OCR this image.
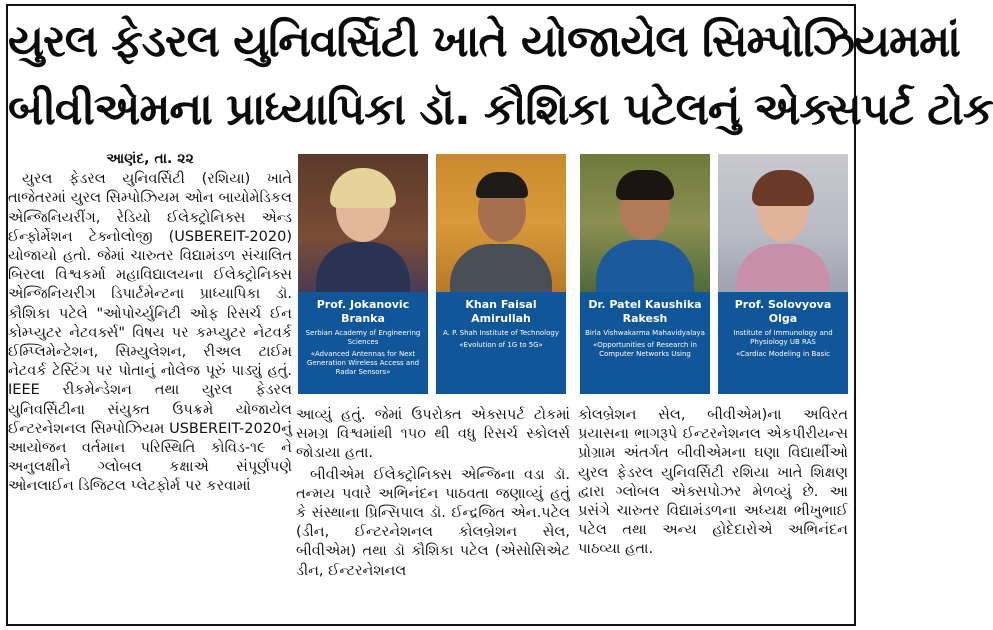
યુરલ ફેડરલ યુનિવર્સિટી ખાતે યોજાયેલ સિમ્પોઝિયમમાં
બીવીએમના પ્રાધ્યાપિકા ડૉ. કૌશિકા પટેલનું એક્સપર્ટ ટોક
આણંદ, તા. ૨૨

યુરલ ફેડરલ યુનિવર્સિટી (રશિયા) ખાતે તાજેતરમાં યુરલ સિમ્પોઝિયમ ઓન બાયોમેડિકલ એન્જિનિયરીંગ, રેડિયો ઈલેક્ટ્રોનિક્સ એન્ડ ઈન્ફોર્મેશન ટેક્નોલોજી (USBEREIT-2020) યોજાયો હતો. જેમાં ચારુતર વિદ્યામંડળ સંચાલિત બિરલા વિશ્વકર્મા મહાવિદ્યાલયના ઈલેક્ટ્રોનિક્સ એન્જિનિયરીગ ડિપાર્ટમેન્ટના પ્રાધ્યાપિકા ડૉ. કૌશિકા પટેલે "ઓપોર્ચ્યુનિટી ઓફ રિસર્ચ ઈન કોમ્પ્યુટર નેટવર્ક્સ" વિષય પર કમ્પ્યુટર નેટવર્ક ઈમ્પ્લિમેન્ટેશન, સિમ્યુલેશન, રીઅલ ટાઈમ નેટવર્ક ટેસ્ટિંગ પર પોતાનું નોલેજ પૂરું પાડ્યું હતું. IEEE રીકમેન્ડેશન તથા યુરલ ફેડરલ યુનિવર્સિટીના સંયુક્ત ઉપક્રમે યોજાયેલ ઈન્ટરનેશનલ સિમ્પોઝિયમ USBEREIT-2020નું આયોજન વર્તમાન પરિસ્થિતિ કોવિડ-૧૯ ને અનુલક્ષીને ગ્લોબલ કક્ષાએ સંપૂર્ણપણે ઓનલાઈન ડિજિટલ પ્લેટફોર્મ પર કરવામાં

Prof. Jokanovic Branka
Serbian Academy of Engineering Sciences
«Advanced Antennas for Next Generation Wireless Access and Radar Sensors»
Khan Faisal Amirullah
A. P. Shah Institute of Technology
«Evolution of 1G to 5G»
Dr. Patel Kaushika Rakesh
Birla Vishwakarma Mahavidyalaya
«Opportunities of Research in Computer Networks Using
Prof. Solovyova Olga
Institute of Immunology and Physiology UB RAS
«Cardiac Modeling in Basic

આવ્યું હતું. જેમાં ઉપરોક્ત એક્સપર્ટ ટોકમાં સમગ્ર વિશ્વમાંથી ૧૫૦ થી વધુ રિસર્ચ સ્કોલર્સ જોડાયા હતા.

બીવીએમ ઈલેક્ટ્રોનિક્સ એન્જિના વડા ડૉ. તન્મય પવારે અભિનંદન પાઠવતા જણાવ્યું હતું કે સંસ્થાના પ્રિન્સિપાલ ડૉ. ઈન્દ્રજિત એન.પટેલ (ડીન, ઈન્ટરનેશનલ કોલબ્રેશન સેલ, બીવીએમ) તથા ડૉ કૌશિકા પટેલ (એસોસિએટ ડીન, ઈન્ટરનેશનલ

કોલબ્રેશન સેલ, બીવીએમ)ના અવિરત પ્રયાસના ભાગરૂપે ઈન્ટરનેશનલ એકપીરીયન્સ પ્રોગ્રામ અંતર્ગત બીવીએમના ઘણા વિદ્યાર્થીઓ યુરલ ફેડરલ યુનિવર્સિટી રશિયા ખાતે શિક્ષણ દ્વારા ગ્લોબલ એક્સપોઝર મેળવ્યું છે. આ પ્રસંગે ચારુતર વિદ્યામંડળના અધ્યક્ષ ભીખુભાઈ પટેલ તથા અન્ય હોદેદારોએ અભિનંદન પાઠવ્યા હતા.
